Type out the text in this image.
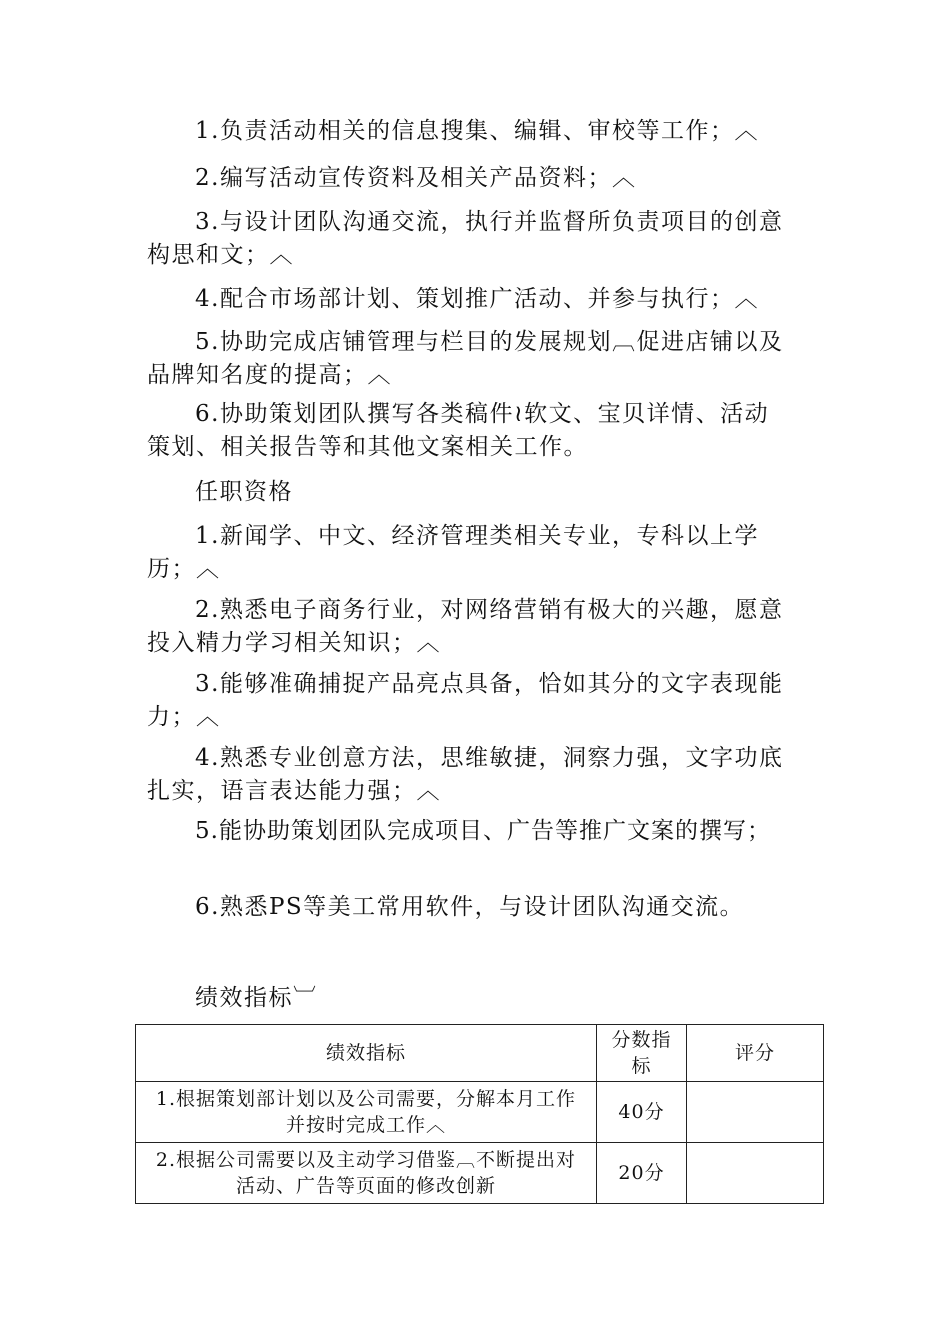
1.负责活动相关的信息搜集、编辑、审校等工作；︿

2.编写活动宣传资料及相关产品资料；︿

3.与设计团队沟通交流，执行并监督所负责项目的创意构思和文；︿

4.配合市场部计划、策划推广活动、并参与执行；︿

5.协助完成店铺管理与栏目的发展规划︹促进店铺以及品牌知名度的提高；︿

6.协助策划团队撰写各类稿件≀软文、宝贝详情、活动策划、相关报告等和其他文案相关工作。

任职资格

1.新闻学、中文、经济管理类相关专业，专科以上学历；︿

2.熟悉电子商务行业，对网络营销有极大的兴趣，愿意投入精力学习相关知识；︿

3.能够准确捕捉产品亮点具备，恰如其分的文字表现能力；︿

4.熟悉专业创意方法，思维敏捷，洞察力强，文字功底扎实，语言表达能力强；︿

5.能协助策划团队完成项目、广告等推广文案的撰写；

6.熟悉PS等美工常用软件，与设计团队沟通交流。

绩效指标︺

绩效指标	分数指标	评分
1.根据策划部计划以及公司需要，分解本月工作并按时完成工作︿	40分	
2.根据公司需要以及主动学习借鉴︹不断提出对活动、广告等页面的修改创新	20分	
